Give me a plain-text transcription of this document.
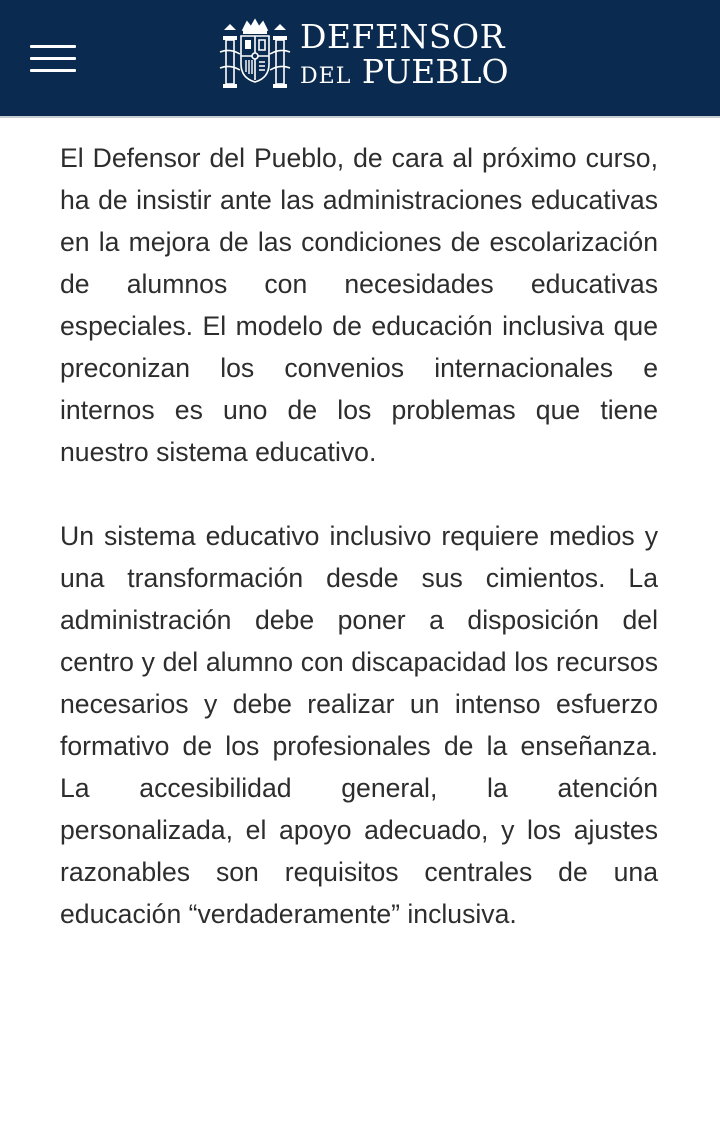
DEFENSOR
DEL PUEBLO

El Defensor del Pueblo, de cara al próximo curso, ha de insistir ante las administraciones educativas en la mejora de las condiciones de escolarización de alumnos con necesidades educativas especiales. El modelo de educación inclusiva que preconizan los convenios internacionales e internos es uno de los problemas que tiene nuestro sistema educativo.

Un sistema educativo inclusivo requiere medios y una transformación desde sus cimientos. La administración debe poner a disposición del centro y del alumno con discapacidad los recursos necesarios y debe realizar un intenso esfuerzo formativo de los profesionales de la enseñanza. La accesibilidad general, la atención personalizada, el apoyo adecuado, y los ajustes razonables son requisitos centrales de una educación “verdaderamente” inclusiva.
